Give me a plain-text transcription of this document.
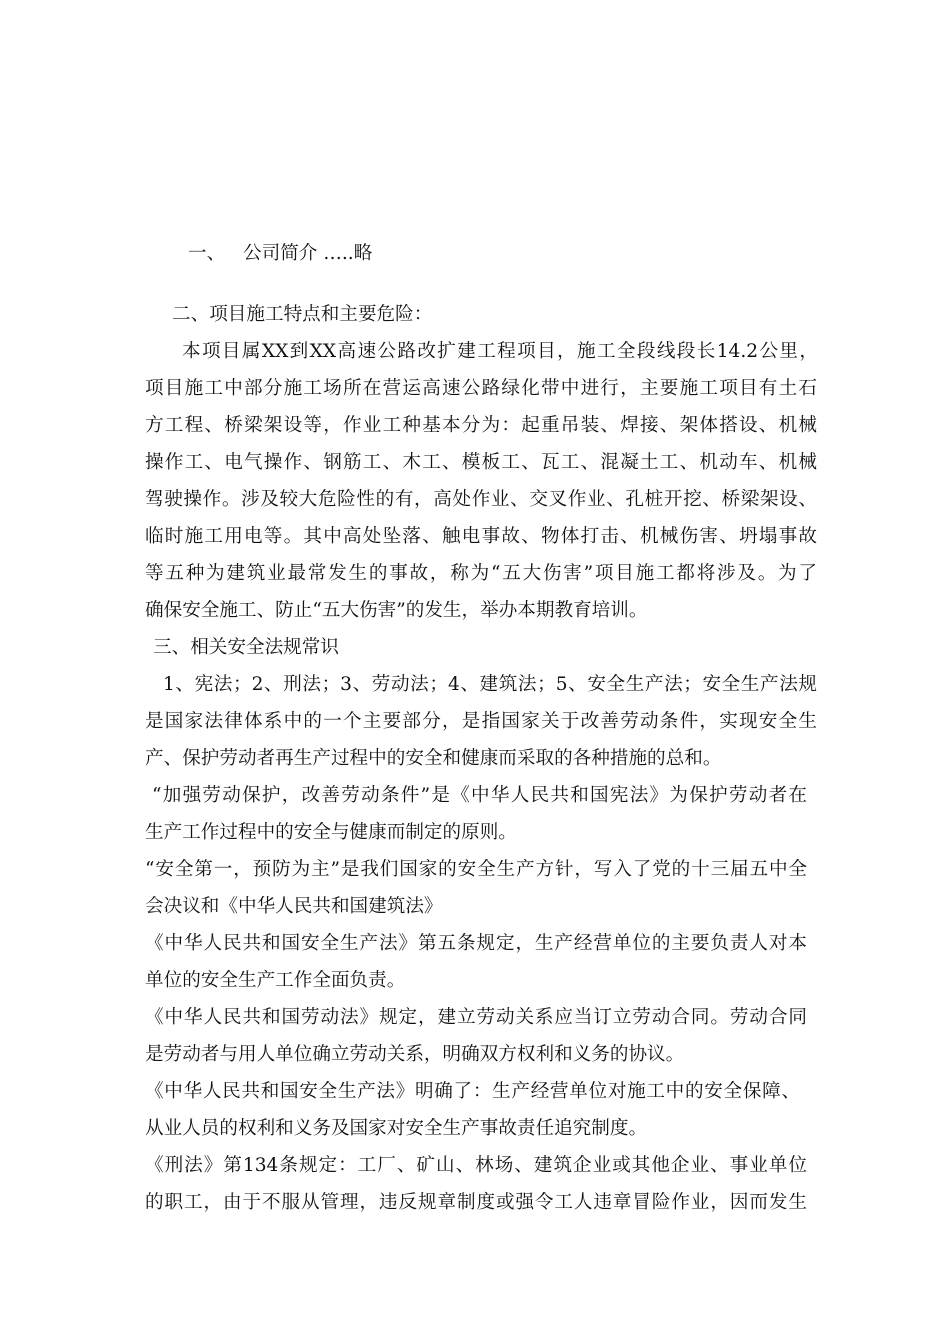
一、 公司简介 …..略
二、项目施工特点和主要危险：
本项目属XX到XX高速公路改扩建工程项目，施工全段线段长14.2公里，
项目施工中部分施工场所在营运高速公路绿化带中进行，主要施工项目有土石
方工程、桥梁架设等，作业工种基本分为：起重吊装、焊接、架体搭设、机械
操作工、电气操作、钢筋工、木工、模板工、瓦工、混凝土工、机动车、机械
驾驶操作。涉及较大危险性的有，高处作业、交叉作业、孔桩开挖、桥梁架设、
临时施工用电等。其中高处坠落、触电事故、物体打击、机械伤害、坍塌事故
等五种为建筑业最常发生的事故，称为“五大伤害”项目施工都将涉及。为了
确保安全施工、防止“五大伤害”的发生，举办本期教育培训。
三、相关安全法规常识
1、宪法；2、刑法；3、劳动法；4、建筑法；5、安全生产法；安全生产法规
是国家法律体系中的一个主要部分，是指国家关于改善劳动条件，实现安全生
产、保护劳动者再生产过程中的安全和健康而采取的各种措施的总和。
“加强劳动保护，改善劳动条件”是《中华人民共和国宪法》为保护劳动者在
生产工作过程中的安全与健康而制定的原则。
“安全第一，预防为主”是我们国家的安全生产方针，写入了党的十三届五中全
会决议和《中华人民共和国建筑法》
《中华人民共和国安全生产法》第五条规定，生产经营单位的主要负责人对本
单位的安全生产工作全面负责。
《中华人民共和国劳动法》规定，建立劳动关系应当订立劳动合同。劳动合同
是劳动者与用人单位确立劳动关系，明确双方权利和义务的协议。
《中华人民共和国安全生产法》明确了：生产经营单位对施工中的安全保障、
从业人员的权利和义务及国家对安全生产事故责任追究制度。
《刑法》第134条规定：工厂、矿山、林场、建筑企业或其他企业、事业单位
的职工，由于不服从管理，违反规章制度或强令工人违章冒险作业，因而发生
